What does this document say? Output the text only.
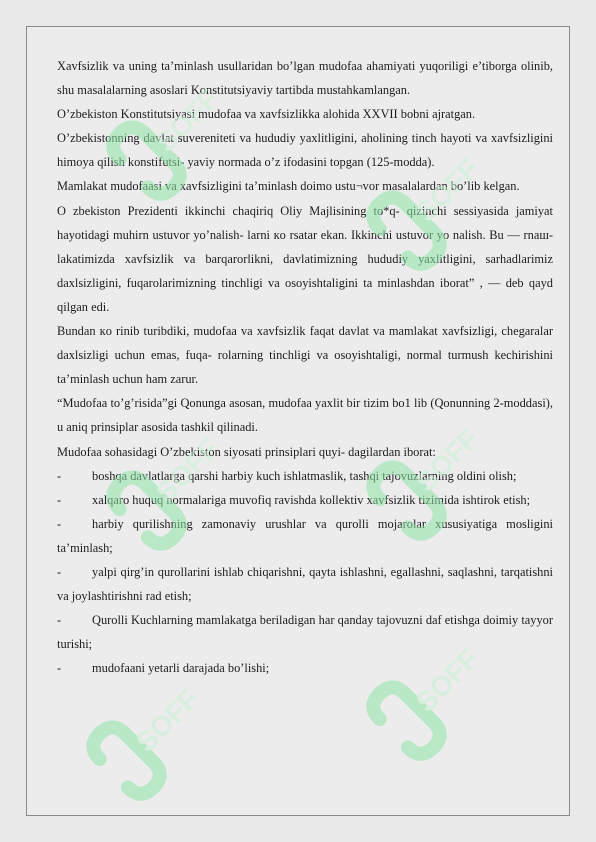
Xavfsizlik va uning ta’minlash usullaridan bo’lgan mudofaa ahamiyati yuqoriligi e’tiborga olinib, shu masalalarning asoslari Konstitutsiyaviy tartibda mustahkamlangan.

O’zbekiston Konstitutsiyasi mudofaa va xavfsizlikka alohida XXVII bobni ajratgan.

O’zbekistonning davlat suvereniteti va hududiy yaxlitligini, aholining tinch hayoti va xavfsizligini himoya qilish konstifutsi- yaviy normada o’z ifodasini topgan (125-modda).

Mamlakat mudofaasi va xavfsizligini ta’minlash doimo ustu¬vor masalalardan bo’lib kelgan.

O zbekiston Prezidenti ikkinchi chaqiriq Oliy Majlisining to*q- qizinchi sessiyasida jamiyat hayotidagi muhirn ustuvor yo’nalish- larni кo rsatar ekan. Ikkinchi ustuvor yo nalish. Bu — rnaш- lakatimizda xavfsizlik va barqarorlikni, davlatimizning hududiy yaxlitligini, sarhadlarimiz daxlsizligini, fuqarolarimizning tinchligi va osoyishtaligini ta minlashdan iborat” , — deb qayd qilgan edi.

Bundan кo rinib turibdiki, mudofaa va xavfsizlik faqat davlat va mamlakat xavfsizligi, chegaralar daxlsizligi uchun emas, fuqa- rolarning tinchligi va osoyishtaligi, normal turmush kechirishini ta’minlash uchun ham zarur.

“Mudofaa to’g’risida”gi Qonunga asosan, mudofaa yaxlit bir tizim bo1 lib (Qonunning 2-moddasi), u aniq prinsiplar asosida tashkil qilinadi.

Mudofaa sohasidagi O’zbekiston siyosati prinsiplari quyi- dagilardan iborat:

- boshqa davlatlarga qarshi harbiy kuch ishlatmaslik, tashqi tajovuzlarning oldini olish;

- xalqaro huquq normalariga muvofiq ravishda kollektiv xavfsizlik tizimida ishtirok etish;

- harbiy qurilishning zamonaviy urushlar va qurolli mojarolar xususiyatiga mosligini ta’minlash;

- yalpi qirg’in qurollarini ishlab chiqarishni, qayta ishlashni, egallashni, saqlashni, tarqatishni va joylashtirishni rad etish;

- Qurolli Kuchlarning mamlakatga beriladigan har qanday tajovuzni daf etishga doimiy tayyor turishi;

- mudofaani yetarli darajada bo’lishi;

SOFF
SOFF
SOFF	SOFF
SOFF
SOFF
